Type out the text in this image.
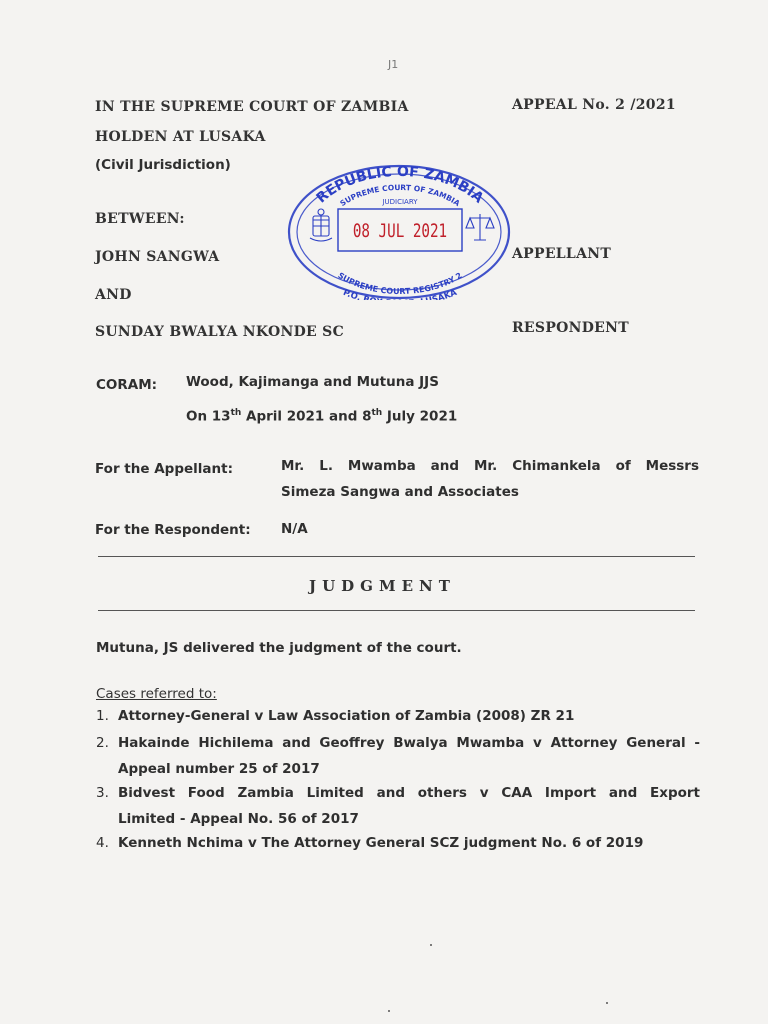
J1
IN THE SUPREME COURT OF ZAMBIA	APPEAL No. 2 /2021
HOLDEN AT LUSAKA
(Civil Jurisdiction)
REPUBLIC OF ZAMBIA
SUPREME COURT OF ZAMBIA
JUDICIARY
08 JUL 2021
SUPREME COURT REGISTRY 2
P.O. SAKA
BETWEEN:
JOHN SANGWA	APPELLANT
AND
SUNDAY BWALYA NKONDE SC	RESPONDENT
CORAM: Wood, Kajimanga and Mutuna JJS
On 13th April 2021 and 8th July 2021
For the Appellant:	Mr. L. Mwamba and Mr. Chimankela of Messrs
Simeza Sangwa and Associates
For the Respondent: N/A
JUDGMENT
Mutuna, JS delivered the judgment of the court.
Cases referred to:
1. Attorney-General v Law Association of Zambia (2008) ZR 21
2. Hakainde Hichilema and Geoffrey Bwalya Mwamba v Attorney General -
Appeal number 25 of 2017
3. Bidvest Food Zambia Limited and others v CAA Import and Export
Limited - Appeal No. 56 of 2017
4. Kenneth Nchima v The Attorney General SCZ judgment No. 6 of 2019
